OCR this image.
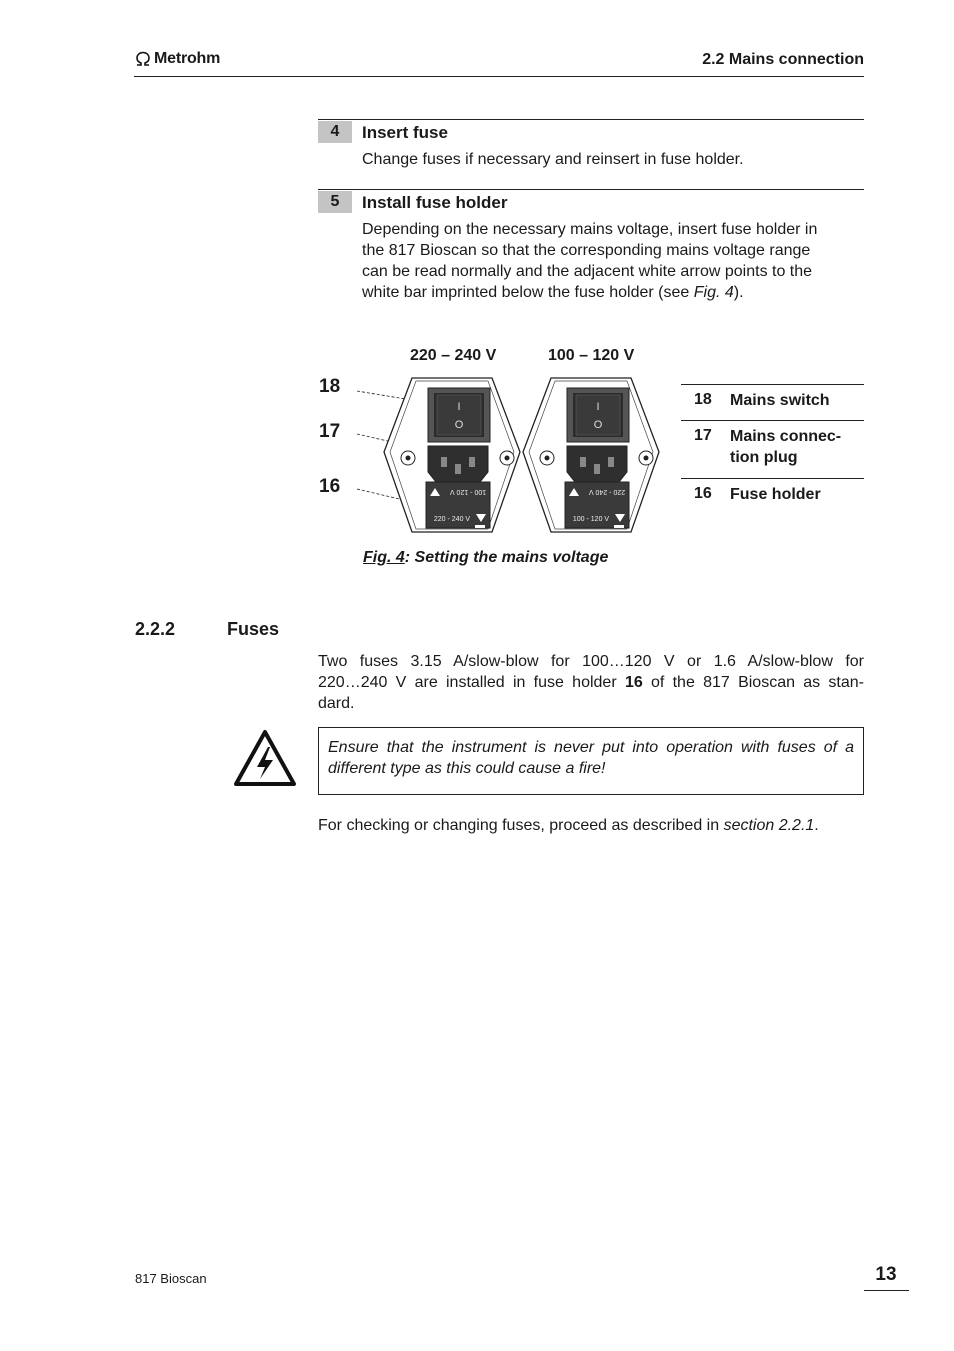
Metrohm	2.2 Mains connection
4	Insert fuse
Change fuses if necessary and reinsert in fuse holder.
5	Install fuse holder
Depending on the necessary mains voltage, insert fuse holder in
the 817 Bioscan so that the corresponding mains voltage range
can be read normally and the adjacent white arrow points to the
white bar imprinted below the fuse holder (see Fig. 4).
220 – 240 V	100 – 120 V
18
17
16
I
O
100 - 120 V
220 - 240 V
I
O
220 - 240 V
100 - 120 V
18 Mains switch
17 Mains connec-
tion plug
16 Fuse holder
Fig. 4: Setting the mains voltage
2.2.2	Fuses
Two fuses 3.15 A/slow-blow for 100…120 V or 1.6 A/slow-blow for
220…240 V are installed in fuse holder 16 of the 817 Bioscan as stan-
dard.
Ensure that the instrument is never put into operation with fuses of a different type as this could cause a fire!
For checking or changing fuses, proceed as described in section 2.2.1.
817 Bioscan	13
